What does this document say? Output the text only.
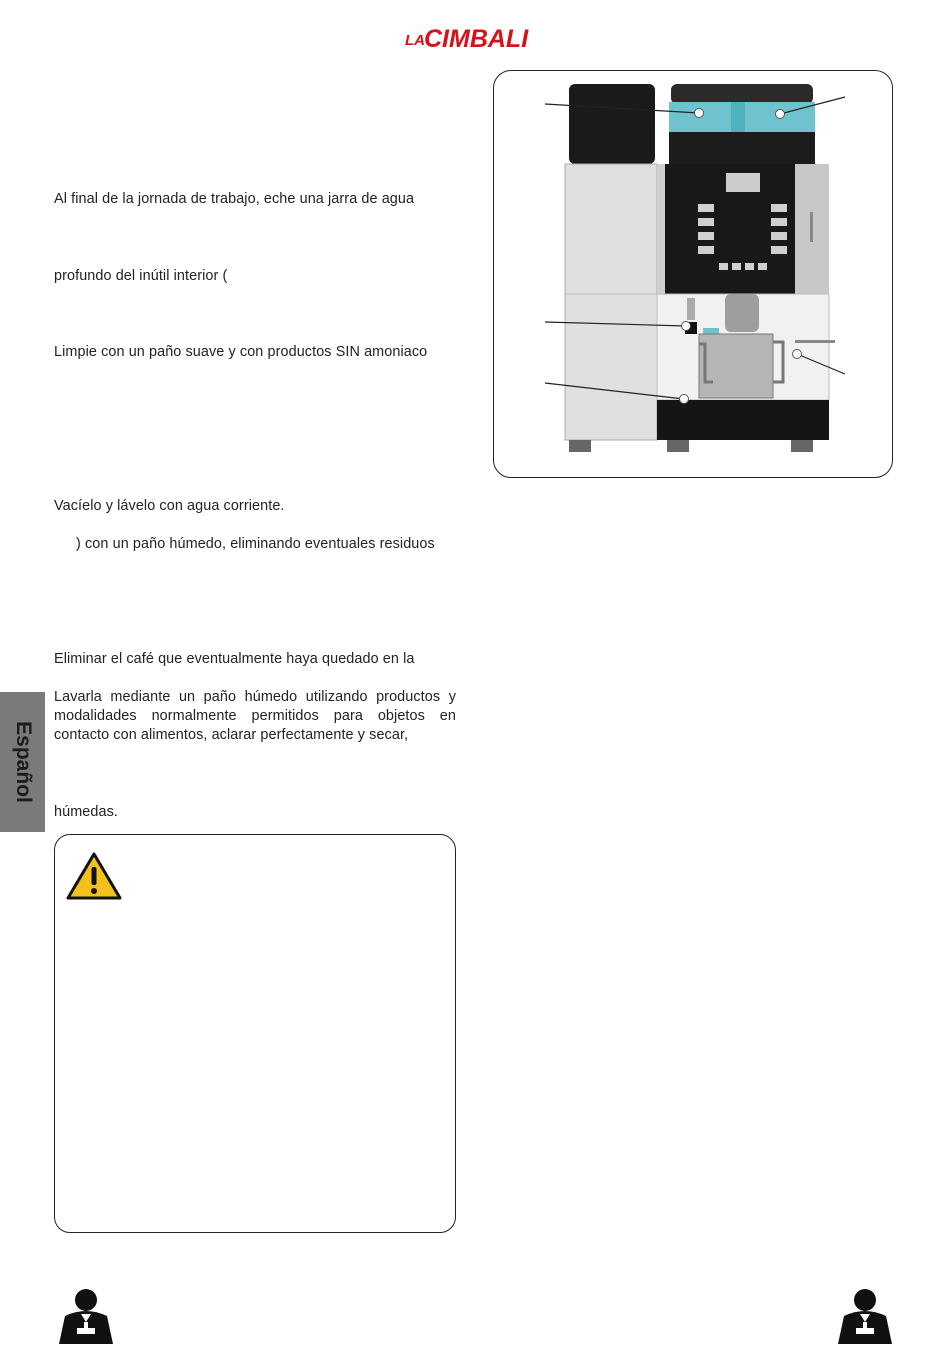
LA CIMBALI
Al final de la jornada de trabajo, eche una jarra de agua
profundo del inútil interior (
Limpie con un paño suave y con productos SIN amoniaco
Vacíelo y lávelo con agua corriente.
) con un paño húmedo, eliminando eventuales residuos
Eliminar el café que eventualmente haya quedado en la
Lavarla mediante un paño húmedo utilizando productos y modalidades normalmente permitidos para objetos en contacto con alimentos, aclarar perfectamente y secar,
húmedas.
Español
